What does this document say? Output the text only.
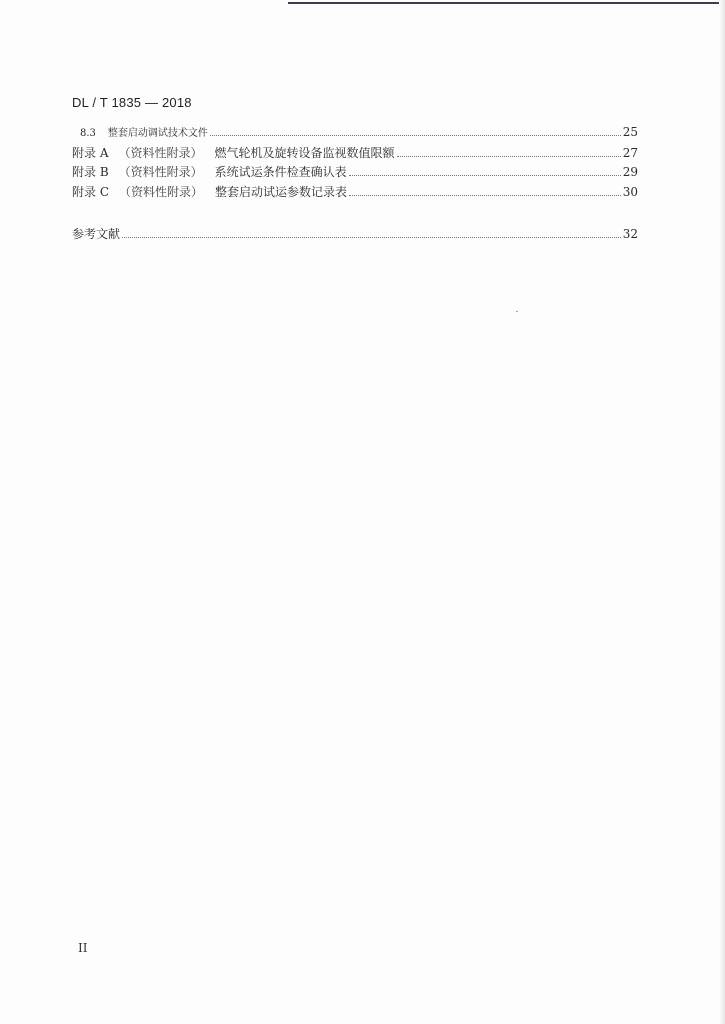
DL / T 1835 — 2018
8.3 整套启动调试技术文件	25
附录 A （资料性附录） 燃气轮机及旋转设备监视数值限额	27
附录 B （资料性附录） 系统试运条件检查确认表	29
附录 C （资料性附录） 整套启动试运参数记录表	30
参考文献	32
II
